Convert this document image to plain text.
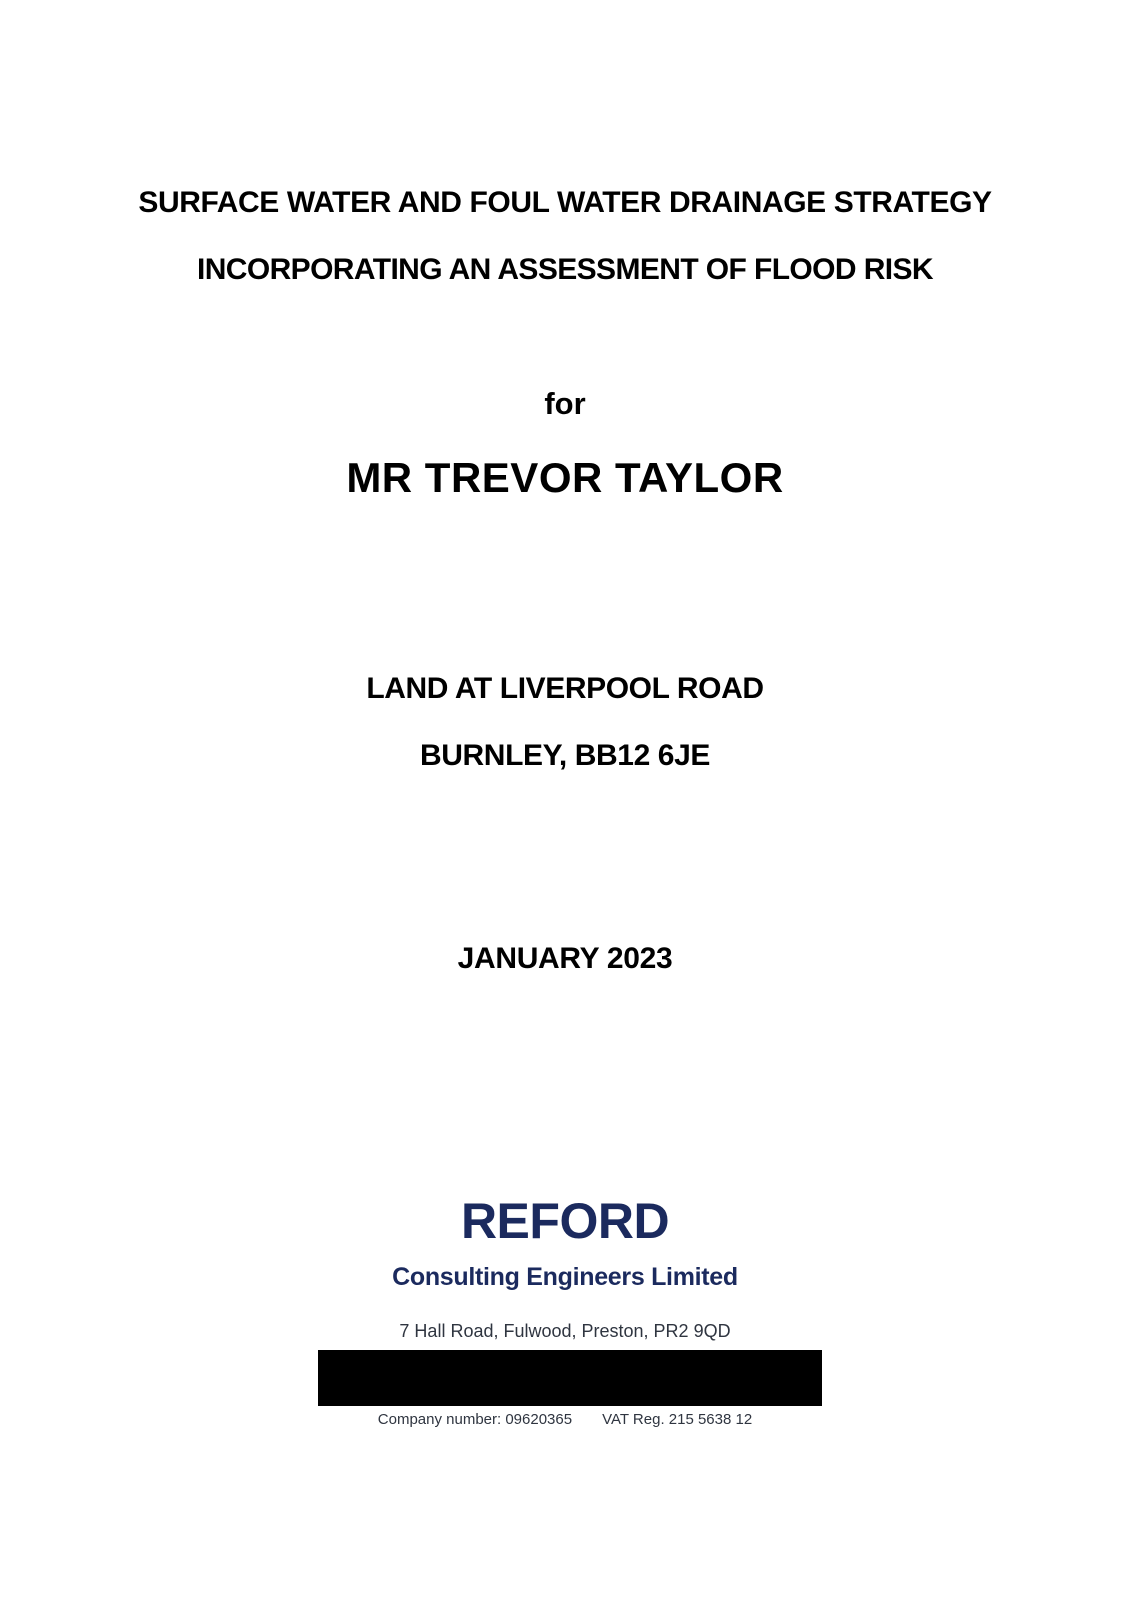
SURFACE WATER AND FOUL WATER DRAINAGE STRATEGY
INCORPORATING AN ASSESSMENT OF FLOOD RISK
for
MR TREVOR TAYLOR
LAND AT LIVERPOOL ROAD
BURNLEY, BB12 6JE
JANUARY 2023
REFORD
Consulting Engineers Limited
7 Hall Road, Fulwood, Preston, PR2 9QD
Company number: 09620365 VAT Reg. 215 5638 12
